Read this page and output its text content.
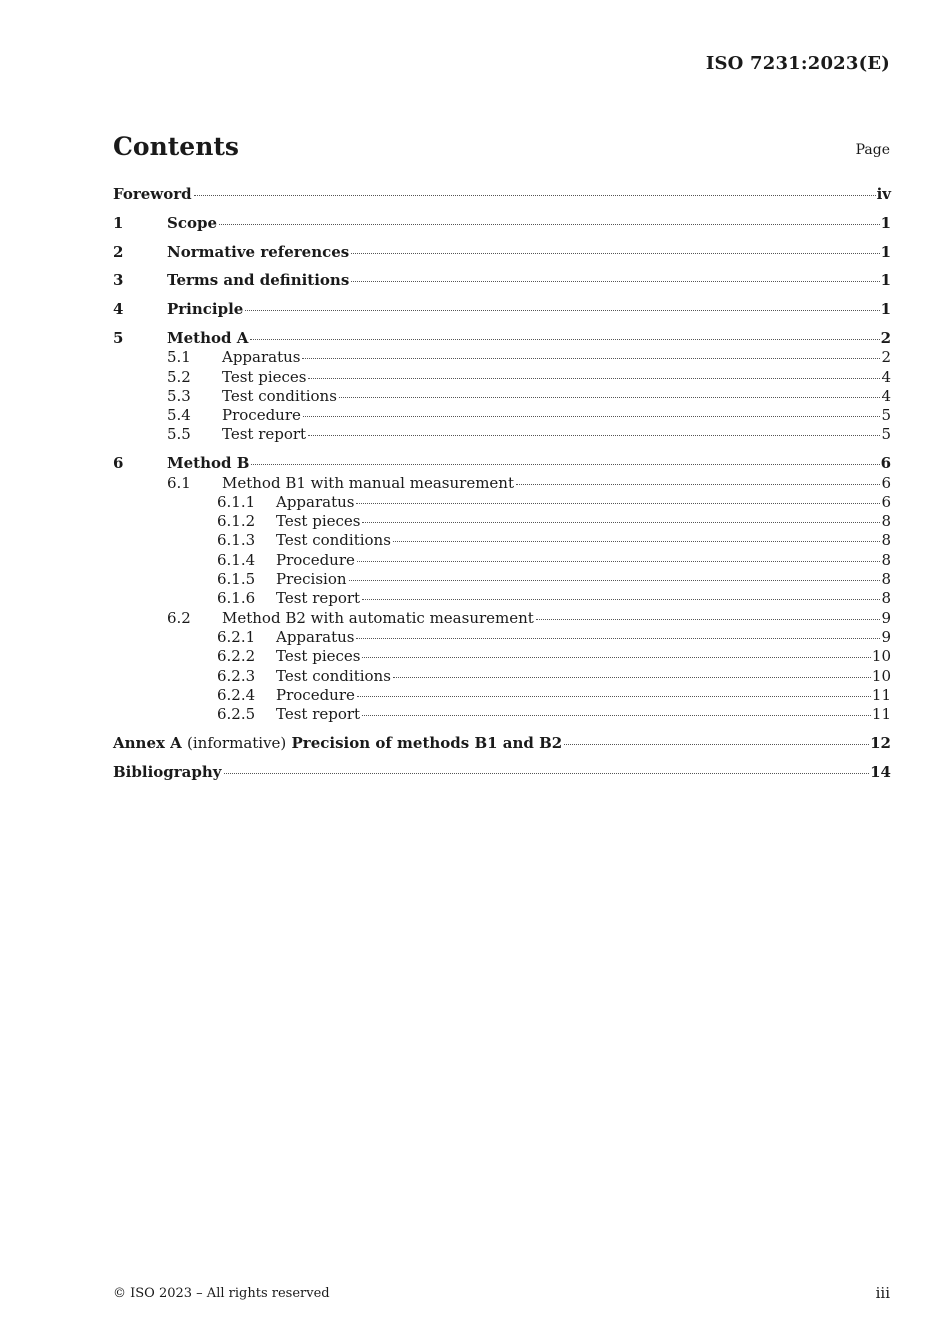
ISO 7231:2023(E)
Contents	Page
Foreword	iv
1	Scope	1
2	Normative references	1
3	Terms and definitions	1
4	Principle	1
5	Method A	2
5.1	Apparatus	2
5.2	Test pieces	4
5.3	Test conditions	4
5.4	Procedure	5
5.5	Test report	5
6	Method B	6
6.1	Method B1 with manual measurement	6
6.1.1	Apparatus	6
6.1.2	Test pieces	8
6.1.3	Test conditions	8
6.1.4	Procedure	8
6.1.5	Precision	8
6.1.6	Test report	8
6.2	Method B2 with automatic measurement	9
6.2.1	Apparatus	9
6.2.2	Test pieces	10
6.2.3	Test conditions	10
6.2.4	Procedure	11
6.2.5	Test report	11
Annex A (informative) Precision of methods B1 and B2	12
Bibliography	14
© ISO 2023 – All rights reserved	iii
